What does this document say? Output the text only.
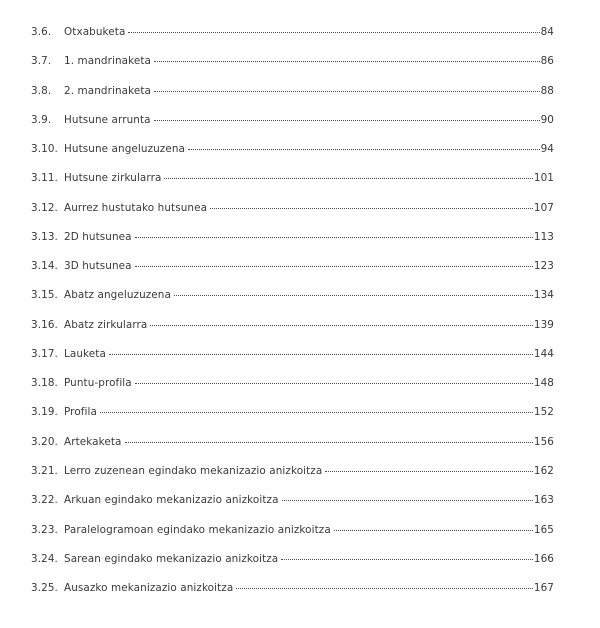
3.6.	Otxabuketa	84
3.7.	1. mandrinaketa	86
3.8.	2. mandrinaketa	88
3.9.	Hutsune arrunta	90
3.10. Hutsune angeluzuzena	94
3.11. Hutsune zirkularra	101
3.12. Aurrez hustutako hutsunea	107
3.13. 2D hutsunea	113
3.14. 3D hutsunea	123
3.15. Abatz angeluzuzena	134
3.16. Abatz zirkularra	139
3.17. Lauketa	144
3.18. Puntu-profila	148
3.19. Profila	152
3.20. Artekaketa	156
3.21. Lerro zuzenean egindako mekanizazio anizkoitza	162
3.22. Arkuan egindako mekanizazio anizkoitza	163
3.23. Paralelogramoan egindako mekanizazio anizkoitza	165
3.24. Sarean egindako mekanizazio anizkoitza	166
3.25. Ausazko mekanizazio anizkoitza	167
